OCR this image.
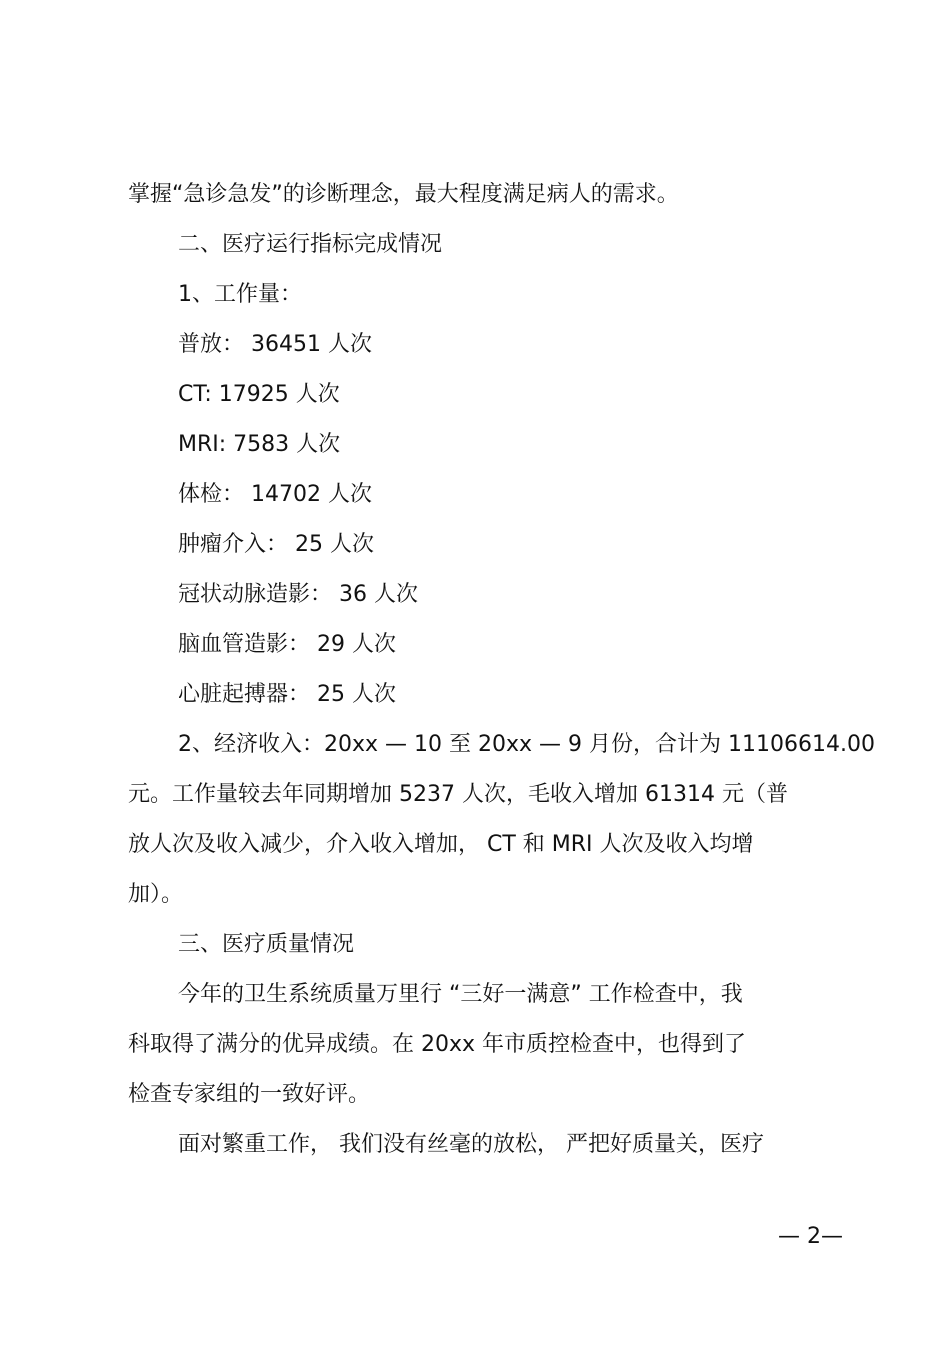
掌握“急诊急发”的诊断理念，最大程度满足病人的需求。

二、医疗运行指标完成情况

1、工作量：

普放： 36451 人次

CT: 17925 人次

MRI: 7583 人次

体检： 14702 人次

肿瘤介入： 25 人次

冠状动脉造影： 36 人次

脑血管造影： 29 人次

心脏起搏器： 25 人次

2、经济收入：20xx — 10 至 20xx — 9 月份，合计为 11106614.00

元。工作量较去年同期增加 5237 人次，毛收入增加 61314 元（普

放人次及收入减少，介入收入增加， CT 和 MRI 人次及收入均增

加）。

三、医疗质量情况

今年的卫生系统质量万里行 “三好一满意” 工作检查中，我

科取得了满分的优异成绩。在 20xx 年市质控检查中，也得到了

检查专家组的一致好评。

面对繁重工作， 我们没有丝毫的放松， 严把好质量关，医疗

— 2—
